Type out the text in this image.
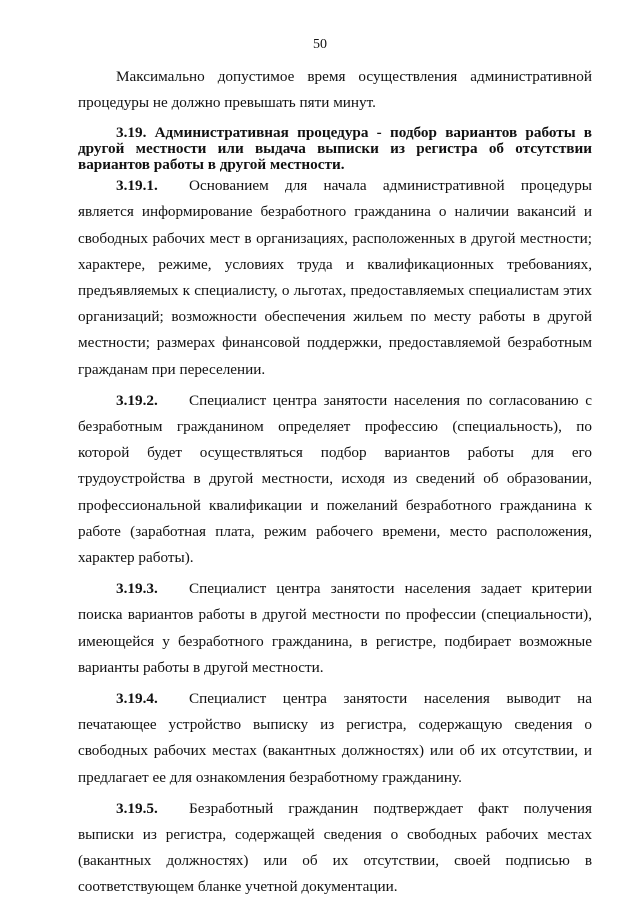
50

Максимально допустимое время осуществления административной процедуры не должно превышать пяти минут.

3.19. Административная процедура - подбор вариантов работы в другой местности или выдача выписки из регистра об отсутствии вариантов работы в другой местности.

3.19.1. Основанием для начала административной процедуры является информирование безработного гражданина о наличии вакансий и свободных рабочих мест в организациях, расположенных в другой местности; характере, режиме, условиях труда и квалификационных требованиях, предъявляемых к специалисту, о льготах, предоставляемых специалистам этих организаций; возможности обеспечения жильем по месту работы в другой местности; размерах финансовой поддержки, предоставляемой безработным гражданам при переселении.

3.19.2. Специалист центра занятости населения по согласованию с безработным гражданином определяет профессию (специальность), по которой будет осуществляться подбор вариантов работы для его трудоустройства в другой местности, исходя из сведений об образовании, профессиональной квалификации и пожеланий безработного гражданина к работе (заработная плата, режим рабочего времени, место расположения, характер работы).

3.19.3. Специалист центра занятости населения задает критерии поиска вариантов работы в другой местности по профессии (специальности), имеющейся у безработного гражданина, в регистре, подбирает возможные варианты работы в другой местности.

3.19.4. Специалист центра занятости населения выводит на печатающее устройство выписку из регистра, содержащую сведения о свободных рабочих местах (вакантных должностях) или об их отсутствии, и предлагает ее для ознакомления безработному гражданину.

3.19.5. Безработный гражданин подтверждает факт получения выписки из регистра, содержащей сведения о свободных рабочих местах (вакантных должностях) или об их отсутствии, своей подписью в соответствующем бланке учетной документации.
